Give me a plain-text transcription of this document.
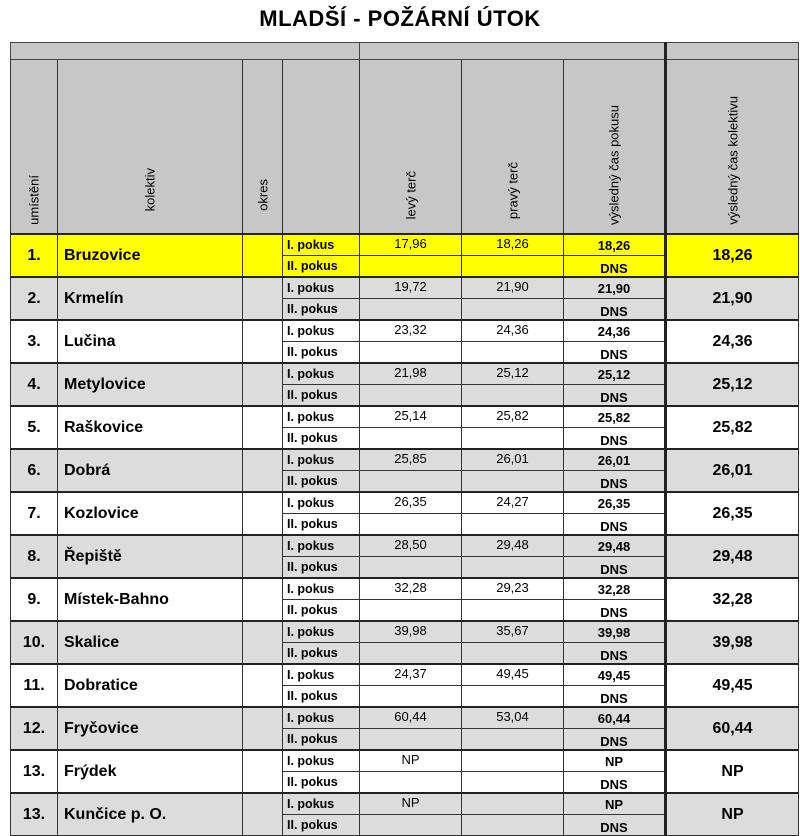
MLADŠÍ - POŽÁRNÍ ÚTOK

umístění	kolektiv	okres		levý terč	pravý terč	výsledný čas pokusu	výsledný čas kolektivu

1.	Bruzovice		I. pokus	17,96	18,26	18,26	18,26
			II. pokus			DNS	
2.	Krmelín		I. pokus	19,72	21,90	21,90	21,90
			II. pokus			DNS	
3.	Lučina		I. pokus	23,32	24,36	24,36	24,36
			II. pokus			DNS	
4.	Metylovice		I. pokus	21,98	25,12	25,12	25,12
			II. pokus			DNS	
5.	Raškovice		I. pokus	25,14	25,82	25,82	25,82
			II. pokus			DNS	
6.	Dobrá		I. pokus	25,85	26,01	26,01	26,01
			II. pokus			DNS	
7.	Kozlovice		I. pokus	26,35	24,27	26,35	26,35
			II. pokus			DNS	
8.	Řepiště		I. pokus	28,50	29,48	29,48	29,48
			II. pokus			DNS	
9.	Místek-Bahno		I. pokus	32,28	29,23	32,28	32,28
			II. pokus			DNS	
10.	Skalice		I. pokus	39,98	35,67	39,98	39,98
			II. pokus			DNS	
11.	Dobratice		I. pokus	24,37	49,45	49,45	49,45
			II. pokus			DNS	
12.	Fryčovice		I. pokus	60,44	53,04	60,44	60,44
			II. pokus			DNS	
13.	Frýdek		I. pokus	NP		NP	NP
			II. pokus			DNS	
13.	Kunčice p. O.		I. pokus	NP		NP	NP
			II. pokus			DNS	
